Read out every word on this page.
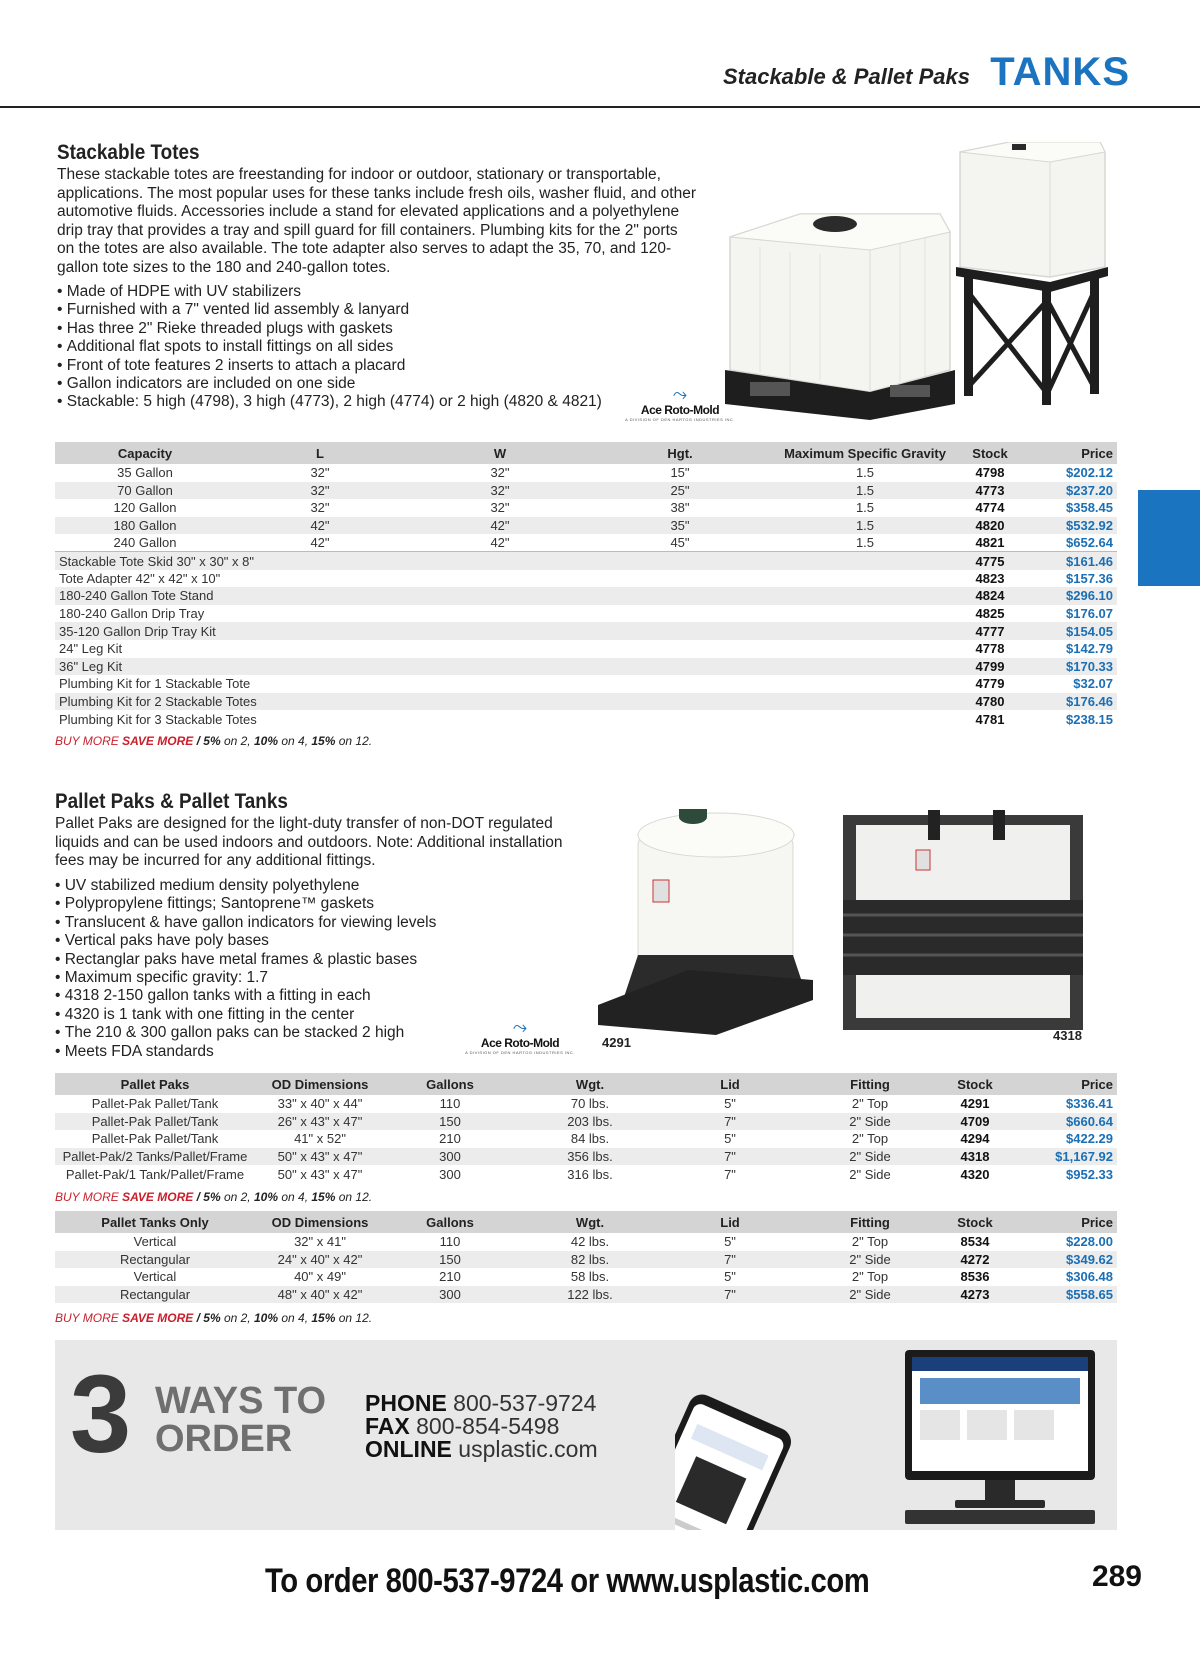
Stackable & Pallet Paks TANKS
Stackable Totes

These stackable totes are freestanding for indoor or outdoor, stationary or transportable, applications. The most popular uses for these tanks include fresh oils, washer fluid, and other automotive fluids. Accessories include a stand for elevated applications and a polyethylene drip tray that provides a tray and spill guard for fill containers. Plumbing kits for the 2" ports on the totes are also available. The tote adapter also serves to adapt the 35, 70, and 120-gallon tote sizes to the 180 and 240-gallon totes.

• Made of HDPE with UV stabilizers
• Furnished with a 7" vented lid assembly & lanyard
• Has three 2" Rieke threaded plugs with gaskets
• Additional flat spots to install fittings on all sides
• Front of tote features 2 inserts to attach a placard
• Gallon indicators are included on one side
• Stackable: 5 high (4798), 3 high (4773), 2 high (4774) or 2 high (4820 & 4821)	⤳
Ace Roto-Mold
A DIVISION OF DEN HARTOG INDUSTRIES INC.
Capacity	L	W	Hgt.	Maximum Specific Gravity	Stock	Price
35 Gallon	32"	32"	15"	1.5	4798	$202.12
70 Gallon	32"	32"	25"	1.5	4773	$237.20
120 Gallon	32"	32"	38"	1.5	4774	$358.45
180 Gallon	42"	42"	35"	1.5	4820	$532.92
240 Gallon	42"	42"	45"	1.5	4821	$652.64
Stackable Tote Skid 30" x 30" x 8"					4775	$161.46
Tote Adapter 42" x 42" x 10"					4823	$157.36
180-240 Gallon Tote Stand					4824	$296.10
180-240 Gallon Drip Tray					4825	$176.07
35-120 Gallon Drip Tray Kit					4777	$154.05
24" Leg Kit					4778	$142.79
36" Leg Kit					4799	$170.33
Plumbing Kit for 1 Stackable Tote					4779	$32.07
Plumbing Kit for 2 Stackable Totes					4780	$176.46
Plumbing Kit for 3 Stackable Totes					4781	$238.15
BUY MORE SAVE MORE / 5% on 2, 10% on 4, 15% on 12.
Pallet Paks & Pallet Tanks

Pallet Paks are designed for the light-duty transfer of non-DOT regulated liquids and can be used indoors and outdoors. Note: Additional installation fees may be incurred for any additional fittings.

• UV stabilized medium density polyethylene
• Polypropylene fittings; Santoprene™ gaskets
• Translucent & have gallon indicators for viewing levels
• Vertical paks have poly bases
• Rectanglar paks have metal frames & plastic bases
• Maximum specific gravity: 1.7
• 4318 2-150 gallon tanks with a fitting in each
• 4320 is 1 tank with one fitting in the center
• The 210 & 300 gallon paks can be stacked 2 high
• Meets FDA standards
⤳
Ace Roto-Mold
A DIVISION OF DEN HARTOG INDUSTRIES INC.
4291	4318
Pallet Paks	OD Dimensions	Gallons	Wgt.	Lid	Fitting	Stock	Price
Pallet-Pak Pallet/Tank	33" x 40" x 44"	110	70 lbs.	5"	2" Top	4291	$336.41
Pallet-Pak Pallet/Tank	26" x 43" x 47"	150	203 lbs.	7"	2" Side	4709	$660.64
Pallet-Pak Pallet/Tank	41" x 52"	210	84 lbs.	5"	2" Top	4294	$422.29
Pallet-Pak/2 Tanks/Pallet/Frame	50" x 43" x 47"	300	356 lbs.	7"	2" Side	4318	$1,167.92
Pallet-Pak/1 Tank/Pallet/Frame	50" x 43" x 47"	300	316 lbs.	7"	2" Side	4320	$952.33
BUY MORE SAVE MORE / 5% on 2, 10% on 4, 15% on 12.
Pallet Tanks Only	OD Dimensions	Gallons	Wgt.	Lid	Fitting	Stock	Price
Vertical	32" x 41"	110	42 lbs.	5"	2" Top	8534	$228.00
Rectangular	24" x 40" x 42"	150	82 lbs.	7"	2" Side	4272	$349.62
Vertical	40" x 49"	210	58 lbs.	5"	2" Top	8536	$306.48
Rectangular	48" x 40" x 42"	300	122 lbs.	7"	2" Side	4273	$558.65
BUY MORE SAVE MORE / 5% on 2, 10% on 4, 15% on 12.
3 WAYS TO
ORDER
PHONE 800-537-9724
FAX 800-854-5498
ONLINE usplastic.com
To order 800-537-9724 or www.usplastic.com	289
